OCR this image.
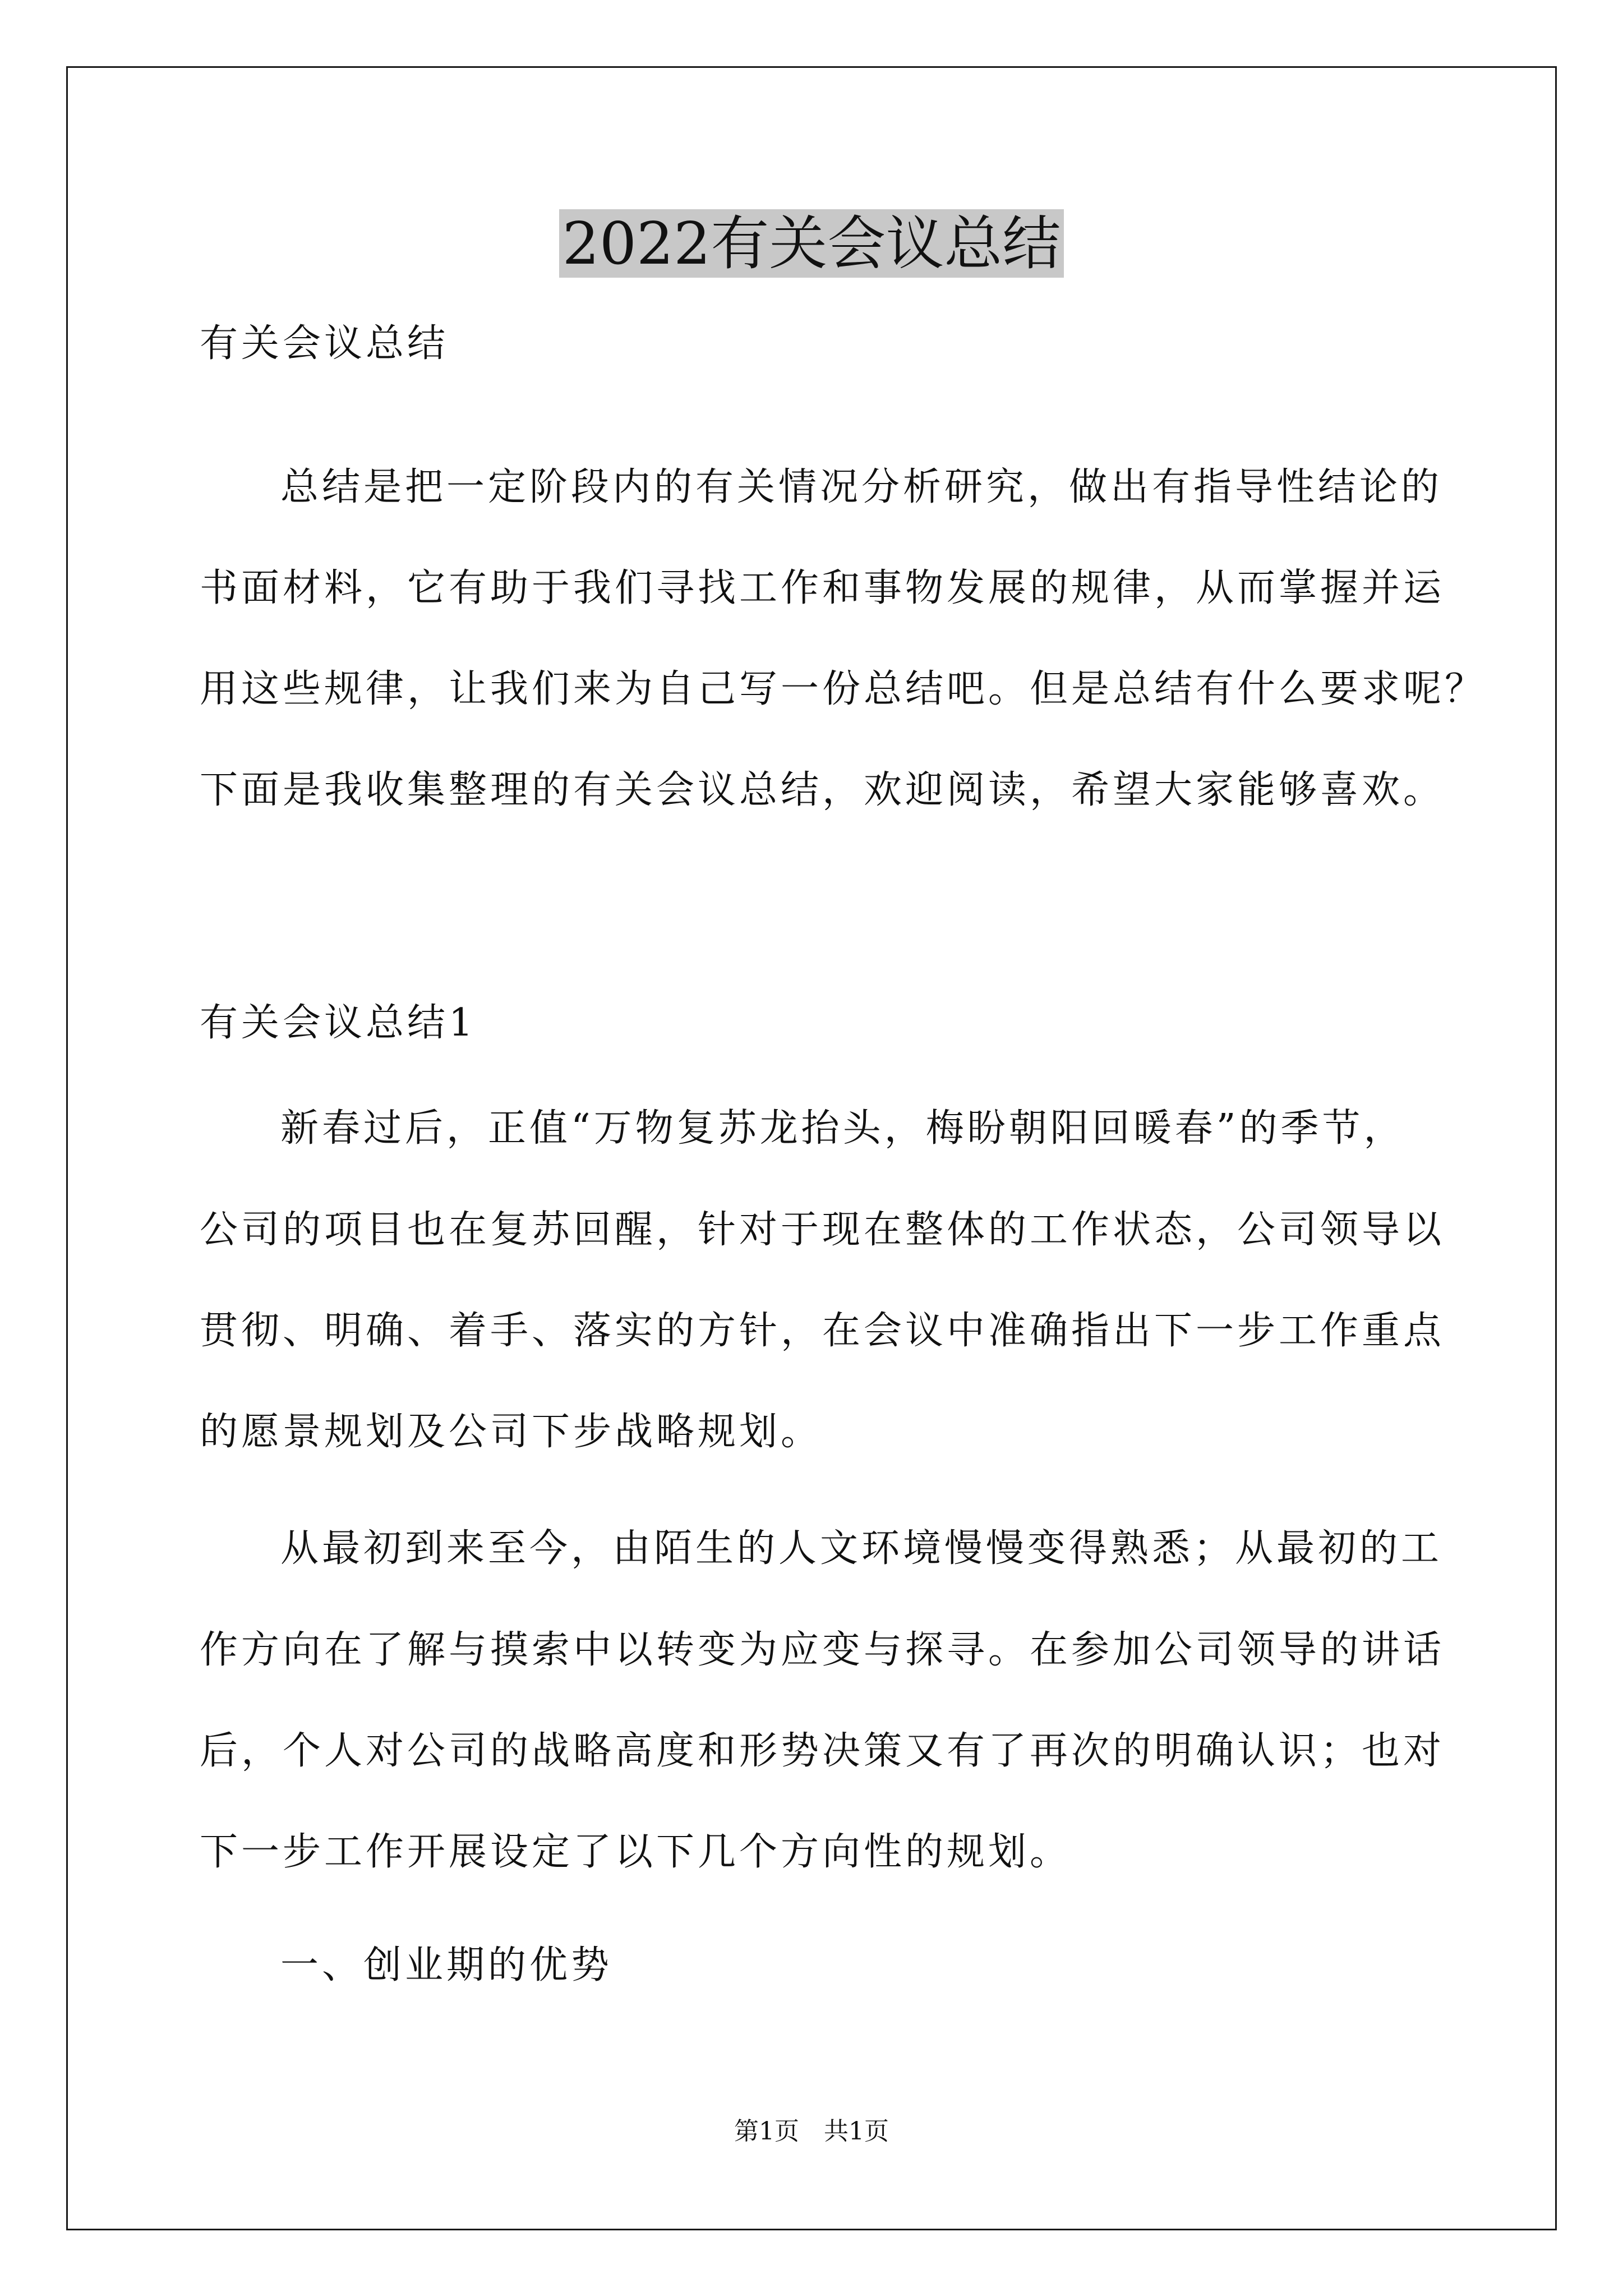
2022有关会议总结
有关会议总结
总结是把一定阶段内的有关情况分析研究，做出有指导性结论的
书面材料，它有助于我们寻找工作和事物发展的规律，从而掌握并运
用这些规律，让我们来为自己写一份总结吧。但是总结有什么要求呢？
下面是我收集整理的有关会议总结，欢迎阅读，希望大家能够喜欢。
有关会议总结1
新春过后，正值“万物复苏龙抬头，梅盼朝阳回暖春”的季节，
公司的项目也在复苏回醒，针对于现在整体的工作状态，公司领导以
贯彻、明确、着手、落实的方针，在会议中准确指出下一步工作重点
的愿景规划及公司下步战略规划。
从最初到来至今，由陌生的人文环境慢慢变得熟悉；从最初的工
作方向在了解与摸索中以转变为应变与探寻。在参加公司领导的讲话
后，个人对公司的战略高度和形势决策又有了再次的明确认识；也对
下一步工作开展设定了以下几个方向性的规划。
一、创业期的优势
第1页　共1页
